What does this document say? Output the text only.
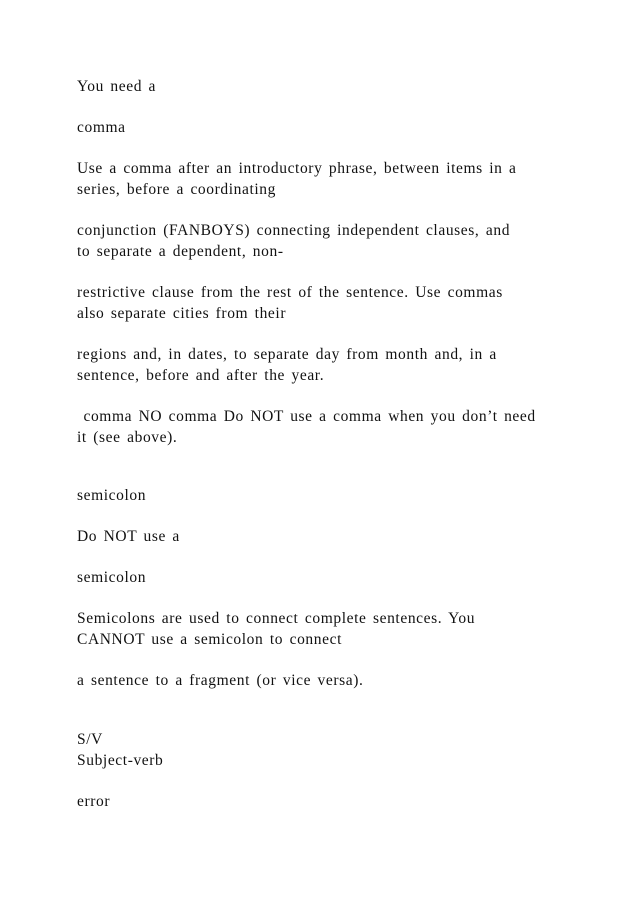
You need a
comma
Use a comma after an introductory phrase, between items in a
series, before a coordinating
conjunction (FANBOYS) connecting independent clauses, and
to separate a dependent, non-
restrictive clause from the rest of the sentence. Use commas
also separate cities from their
regions and, in dates, to separate day from month and, in a
sentence, before and after the year.
comma NO comma Do NOT use a comma when you don’t need
it (see above).
semicolon
Do NOT use a
semicolon
Semicolons are used to connect complete sentences. You
CANNOT use a semicolon to connect
a sentence to a fragment (or vice versa).
S/V
Subject-verb
error
